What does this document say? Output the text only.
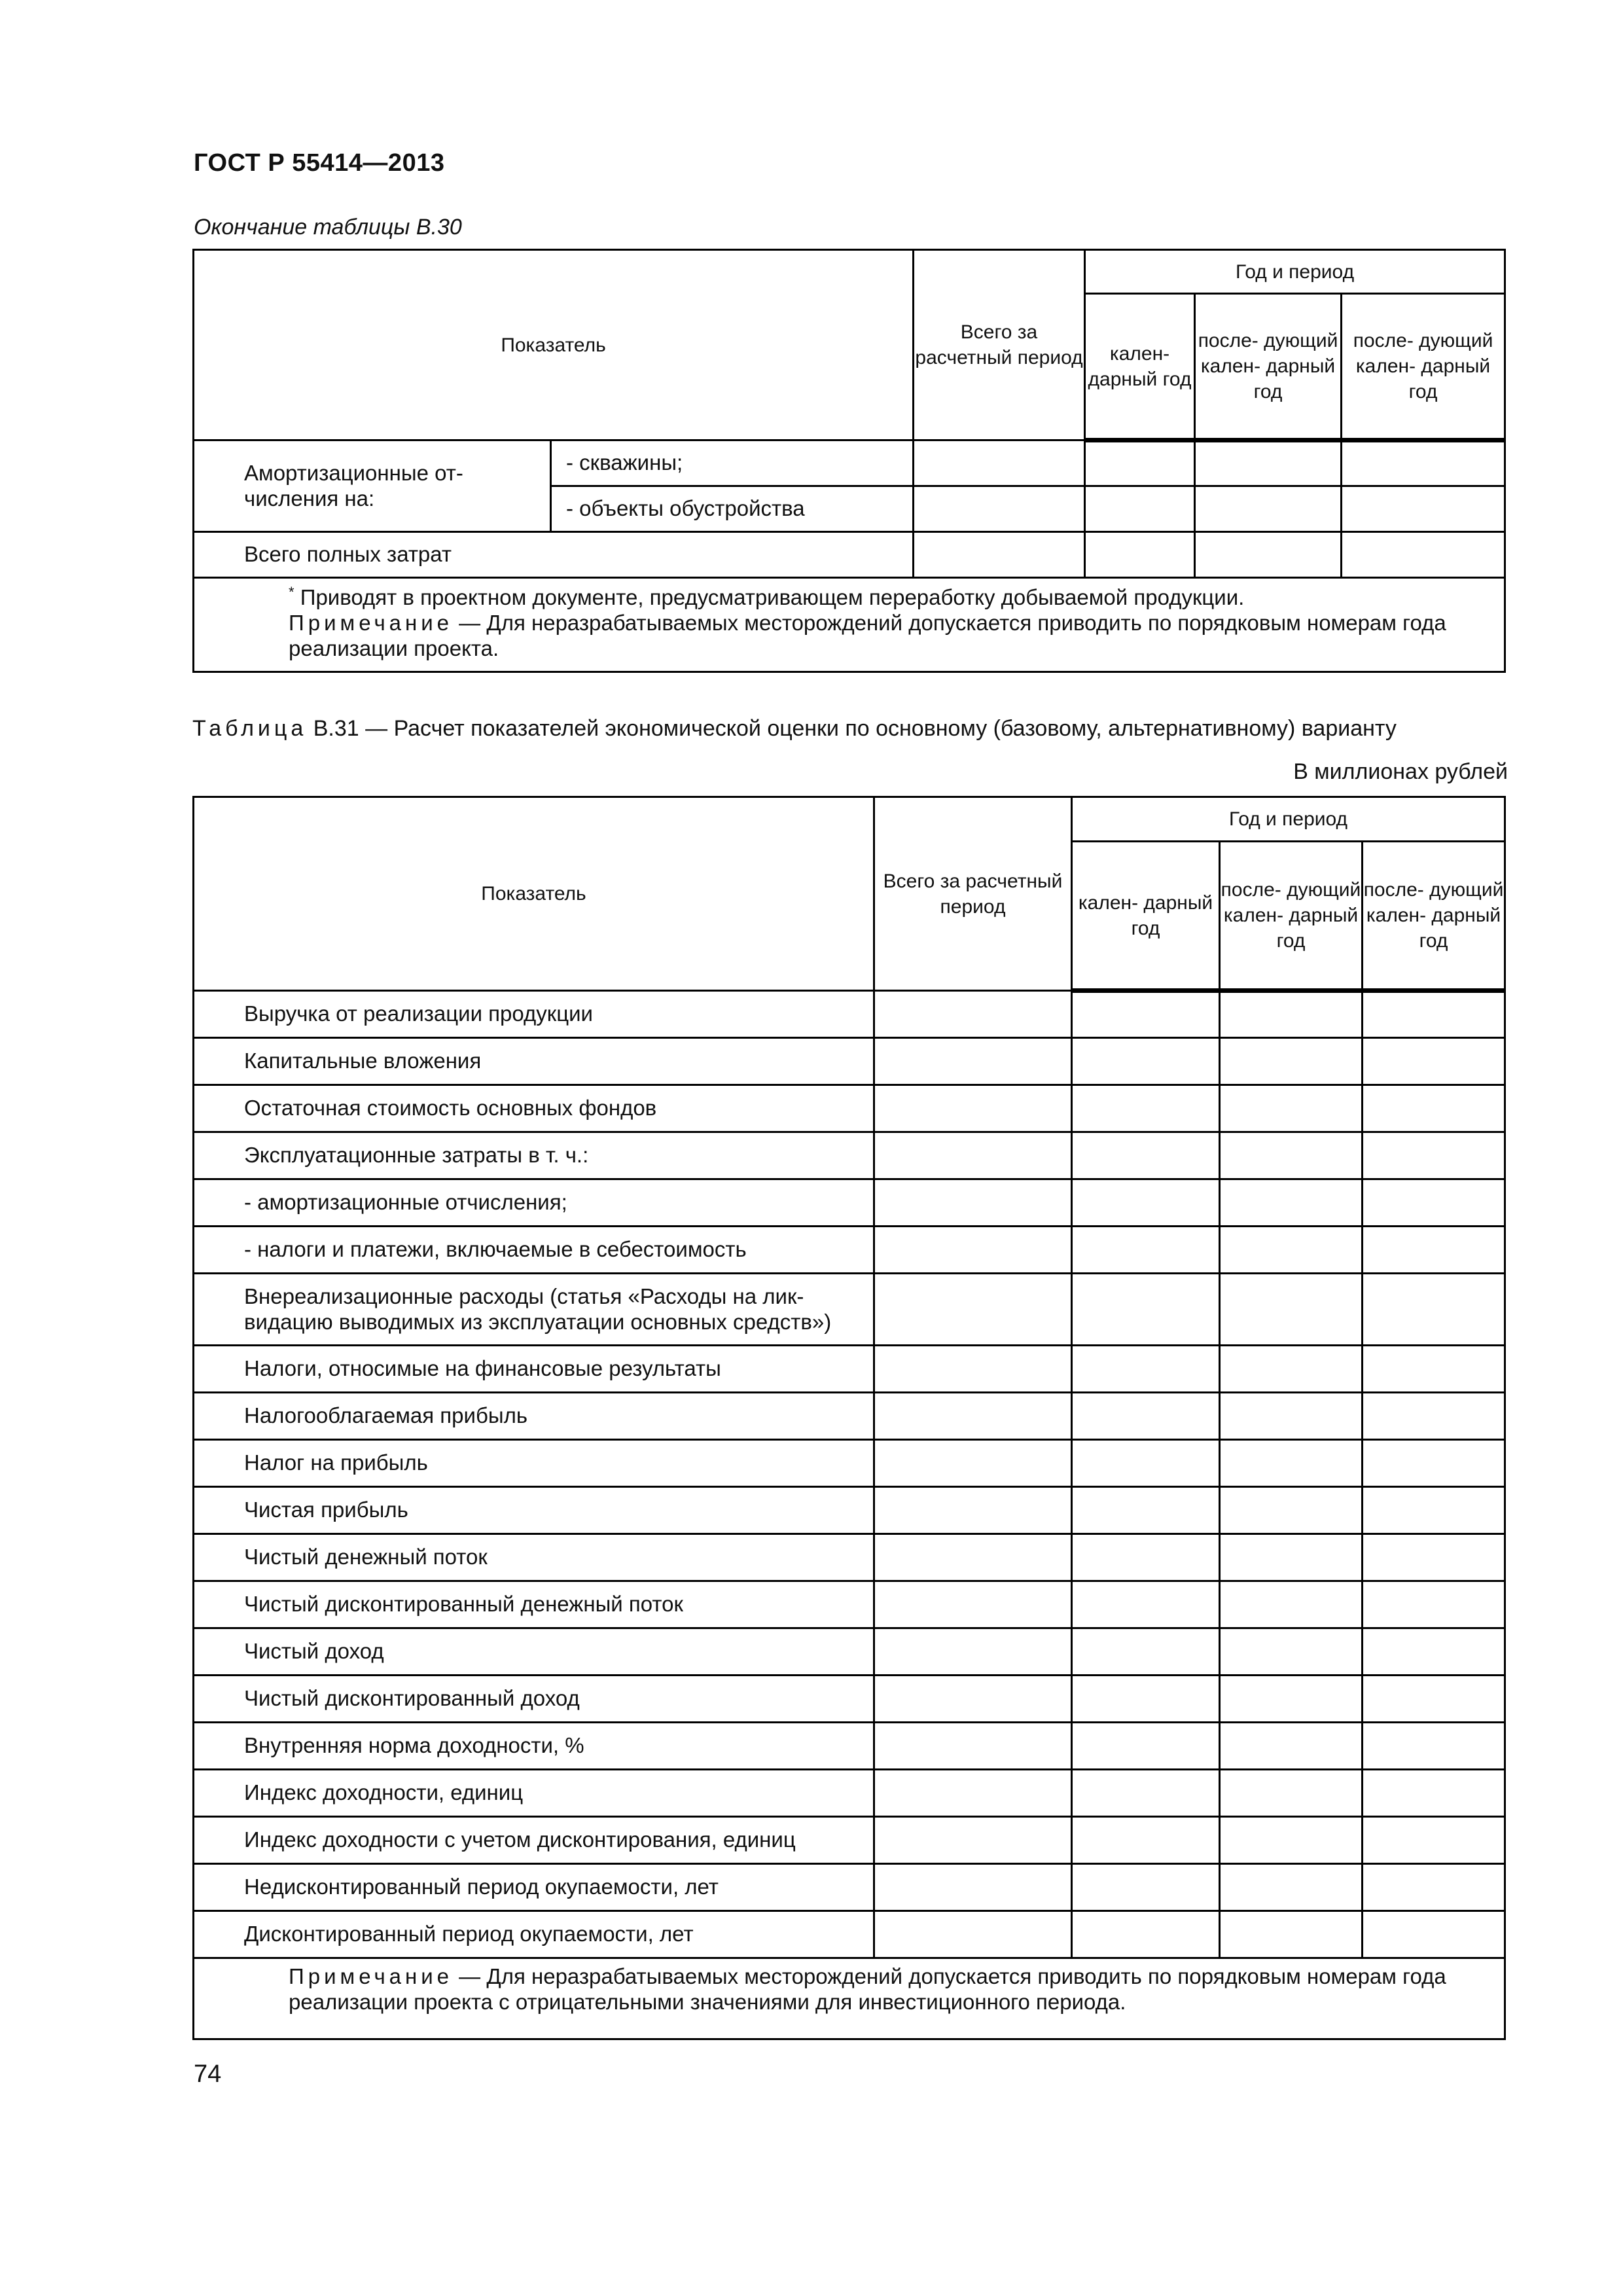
ГОСТ Р 55414—2013
Окончание таблицы В.30
Показатель		Всего за расчетный период	Год и период		
			кален- дарный год	после- дующий кален- дарный год	после- дующий кален- дарный год
Амортизационные от- числения на:	- скважины;				
	- объекты обустройства				
Всего полных затрат					

* Приводят в проектном документе, предусматривающем переработку добываемой продукции.
Примечание — Для неразрабатываемых месторождений допускается приводить по порядковым номерам года реализации проекта.					
Таблица В.31 — Расчет показателей экономической оценки по основному (базовому, альтернативному) варианту
В миллионах рублей
Показатель	Всего за расчетный период	Год и период		
		кален- дарный год	после- дующий кален- дарный год	после- дующий кален- дарный год
Выручка от реализации продукции				
Капитальные вложения				
Остаточная стоимость основных фондов				
Эксплуатационные затраты в т. ч.:				
- амортизационные отчисления;				
- налоги и платежи, включаемые в себестоимость				
Внереализационные расходы (статья «Расходы на лик- видацию выводимых из эксплуатации основных средств»)				
Налоги, относимые на финансовые результаты				
Налогооблагаемая прибыль				
Налог на прибыль				
Чистая прибыль				
Чистый денежный поток				
Чистый дисконтированный денежный поток				
Чистый доход				
Чистый дисконтированный доход				
Внутренняя норма доходности, %				
Индекс доходности, единиц				
Индекс доходности с учетом дисконтирования, единиц				
Недисконтированный период окупаемости, лет				
Дисконтированный период окупаемости, лет				

Примечание — Для неразрабатываемых месторождений допускается приводить по порядковым номерам года реализации проекта с отрицательными значениями для инвестиционного периода.				
74
